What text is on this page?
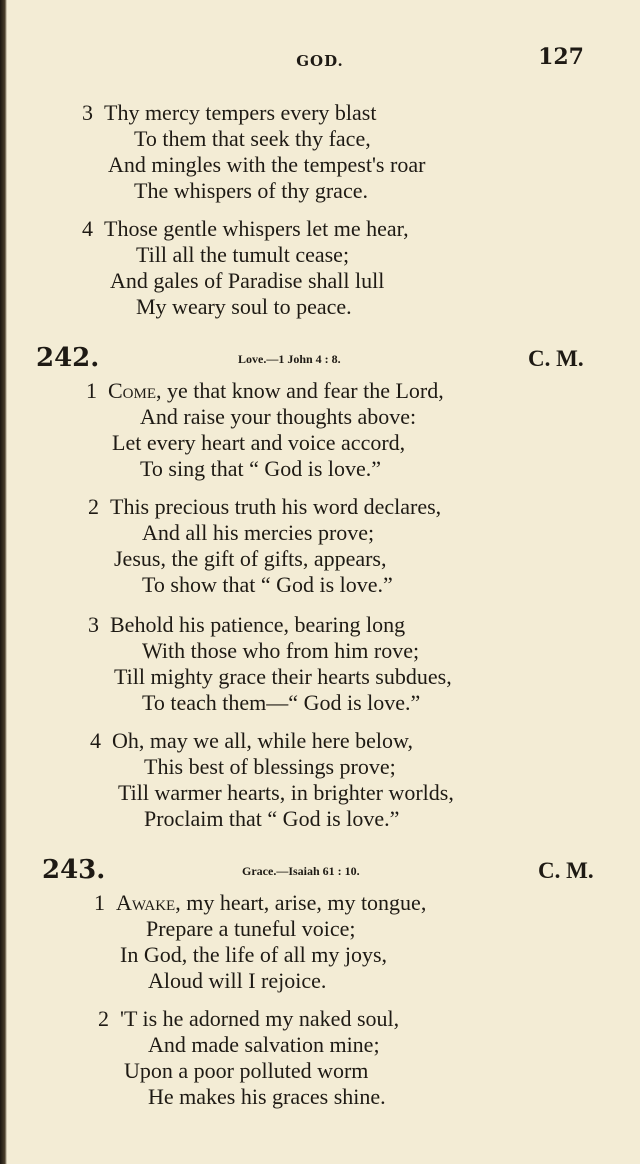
GOD.	127
3 Thy mercy tempers every blast
To them that seek thy face,
And mingles with the tempest's roar
The whispers of thy grace.
4 Those gentle whispers let me hear,
Till all the tumult cease;
And gales of Paradise shall lull
My weary soul to peace.
242.	Love.—1 John 4 : 8.	C. M.
1 Come, ye that know and fear the Lord,
And raise your thoughts above:
Let every heart and voice accord,
To sing that “ God is love.”
2 This precious truth his word declares,
And all his mercies prove;
Jesus, the gift of gifts, appears,
To show that “ God is love.”
3 Behold his patience, bearing long
With those who from him rove;
Till mighty grace their hearts subdues,
To teach them—“ God is love.”
4 Oh, may we all, while here below,
This best of blessings prove;
Till warmer hearts, in brighter worlds,
Proclaim that “ God is love.”
243.	Grace.—Isaiah 61 : 10.	C. M.
1 Awake, my heart, arise, my tongue,
Prepare a tuneful voice;
In God, the life of all my joys,
Aloud will I rejoice.
2 'T is he adorned my naked soul,
And made salvation mine;
Upon a poor polluted worm
He makes his graces shine.
